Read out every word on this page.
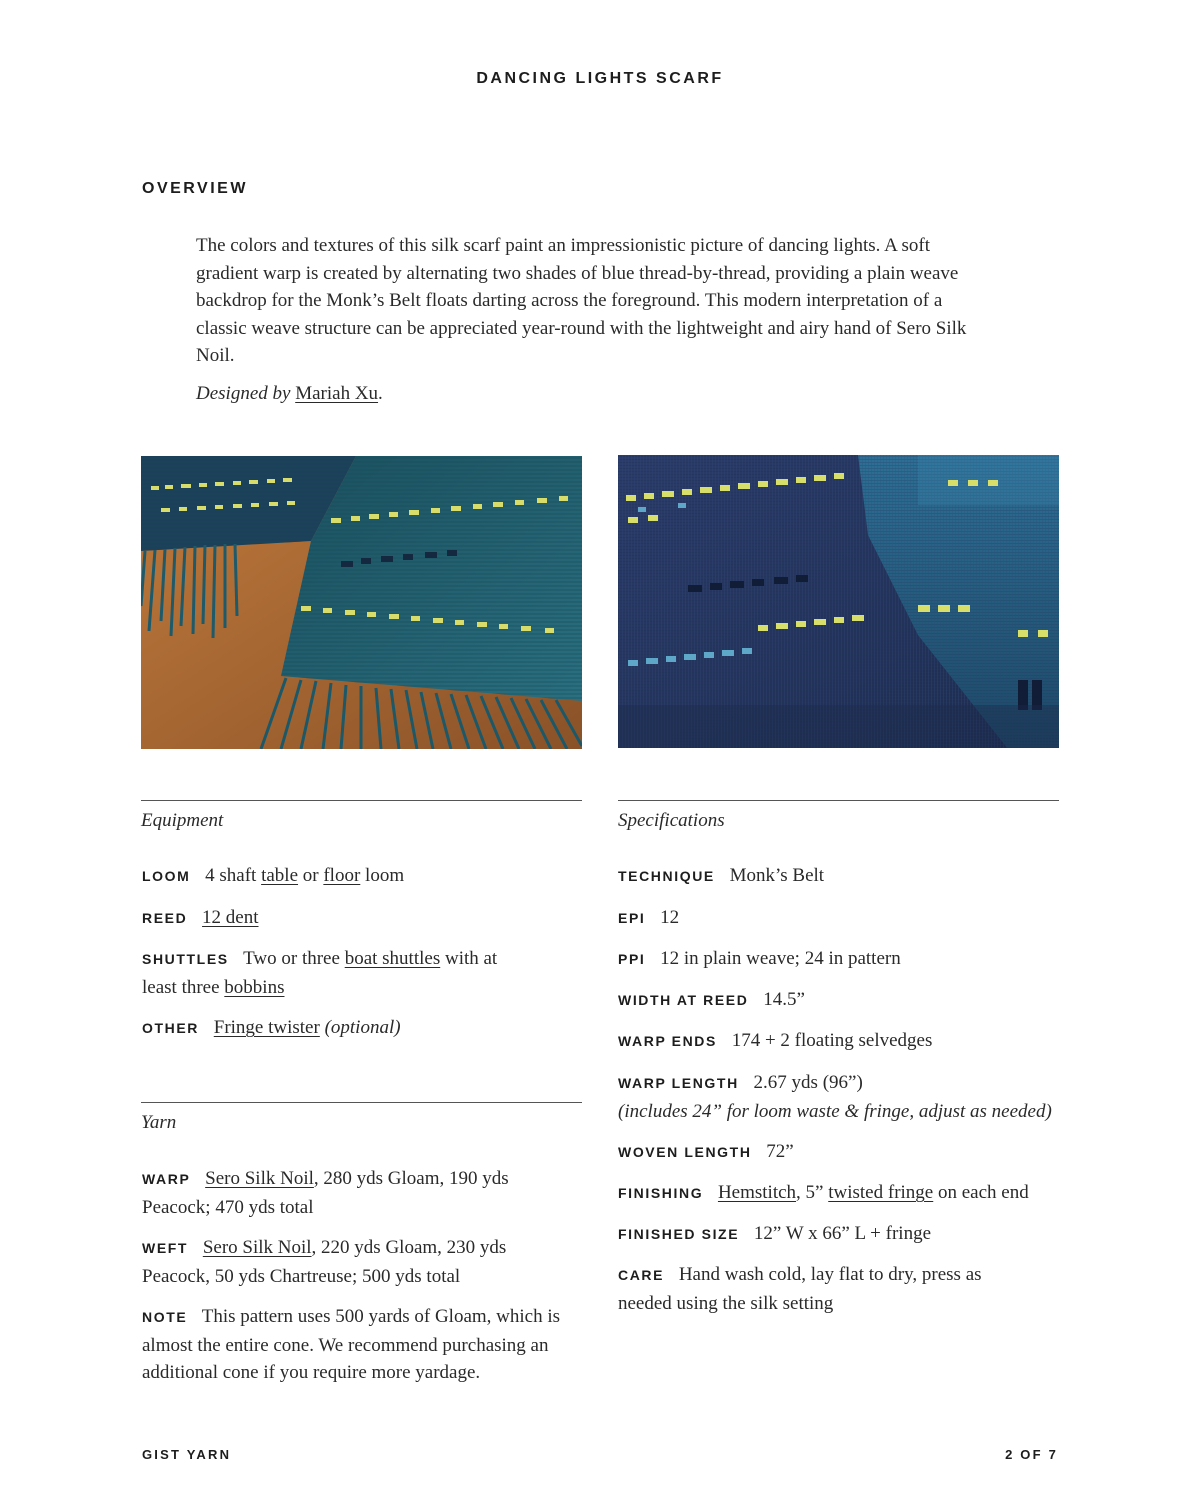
DANCING LIGHTS SCARF
OVERVIEW

The colors and textures of this silk scarf paint an impressionistic picture of dancing lights. A soft gradient warp is created by alternating two shades of blue thread-by-thread, providing a plain weave backdrop for the Monk’s Belt floats darting across the foreground. This modern interpretation of a classic weave structure can be appreciated year-round with the lightweight and airy hand of Sero Silk Noil.

Designed by Mariah Xu.
Equipment
LOOM 4 shaft table or floor loom
REED 12 dent
SHUTTLES Two or three boat shuttles with at least three bobbins
OTHER Fringe twister (optional)
Yarn
WARP Sero Silk Noil, 280 yds Gloam, 190 yds Peacock; 470 yds total
WEFT Sero Silk Noil, 220 yds Gloam, 230 yds Peacock, 50 yds Chartreuse; 500 yds total
NOTE This pattern uses 500 yards of Gloam, which is almost the entire cone. We recommend purchasing an additional cone if you require more yardage.
Specifications
TECHNIQUE Monk’s Belt
EPI 12
PPI 12 in plain weave; 24 in pattern
WIDTH AT REED 14.5”
WARP ENDS 174 + 2 floating selvedges
WARP LENGTH 2.67 yds (96”)
(includes 24” for loom waste & fringe, adjust as needed)
WOVEN LENGTH 72”
FINISHING Hemstitch, 5” twisted fringe on each end
FINISHED SIZE 12” W x 66” L + fringe
CARE Hand wash cold, lay flat to dry, press as needed using the silk setting
GIST YARN	2 OF 7
